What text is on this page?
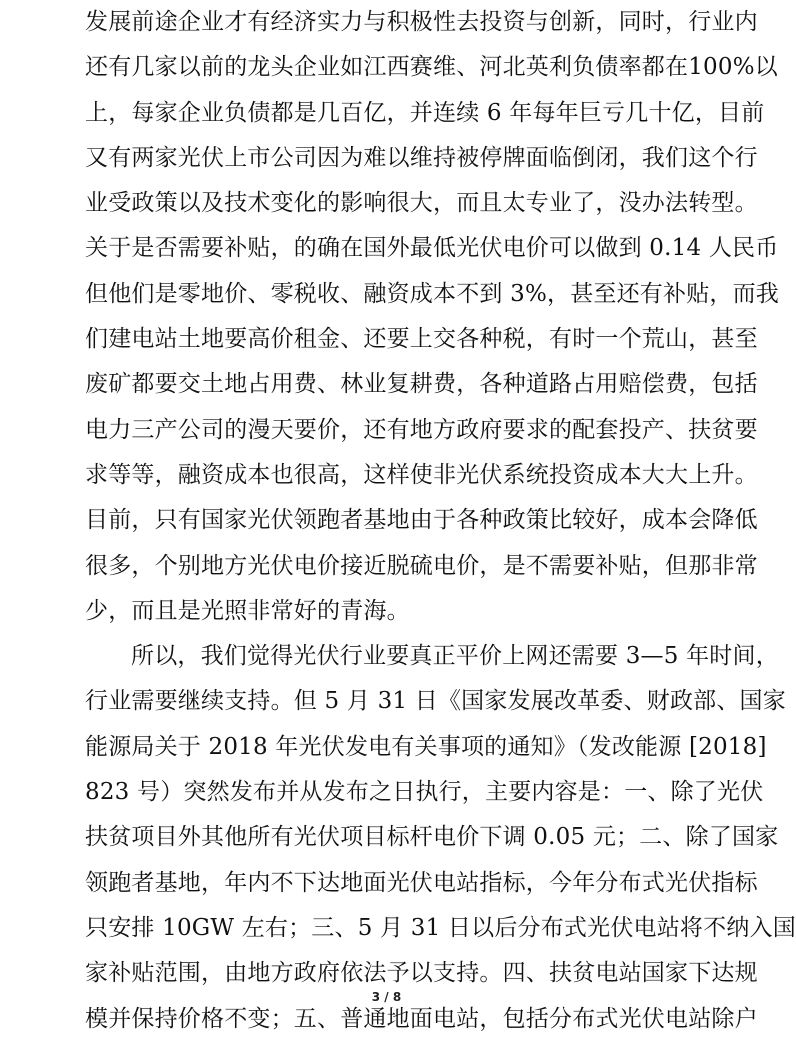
发展前途企业才有经济实力与积极性去投资与创新，同时，行业内
还有几家以前的龙头企业如江西赛维、河北英利负债率都在100%以
上，每家企业负债都是几百亿，并连续 6 年每年巨亏几十亿，目前
又有两家光伏上市公司因为难以维持被停牌面临倒闭，我们这个行
业受政策以及技术变化的影响很大，而且太专业了，没办法转型。
关于是否需要补贴，的确在国外最低光伏电价可以做到 0.14 人民币
但他们是零地价、零税收、融资成本不到 3%，甚至还有补贴，而我
们建电站土地要高价租金、还要上交各种税，有时一个荒山，甚至
废矿都要交土地占用费、林业复耕费，各种道路占用赔偿费，包括
电力三产公司的漫天要价，还有地方政府要求的配套投产、扶贫要
求等等，融资成本也很高，这样使非光伏系统投资成本大大上升。
目前，只有国家光伏领跑者基地由于各种政策比较好，成本会降低
很多，个别地方光伏电价接近脱硫电价，是不需要补贴，但那非常
少，而且是光照非常好的青海。
所以，我们觉得光伏行业要真正平价上网还需要 3—5 年时间，
行业需要继续支持。但 5 月 31 日《国家发展改革委、财政部、国家
能源局关于 2018 年光伏发电有关事项的通知》（发改能源 [2018]
823 号）突然发布并从发布之日执行，主要内容是：一、除了光伏
扶贫项目外其他所有光伏项目标杆电价下调 0.05 元；二、除了国家
领跑者基地，年内不下达地面光伏电站指标，今年分布式光伏指标
只安排 10GW 左右；三、5 月 31 日以后分布式光伏电站将不纳入国
家补贴范围，由地方政府依法予以支持。四、扶贫电站国家下达规
模并保持价格不变；五、普通地面电站，包括分布式光伏电站除户
3 / 8
